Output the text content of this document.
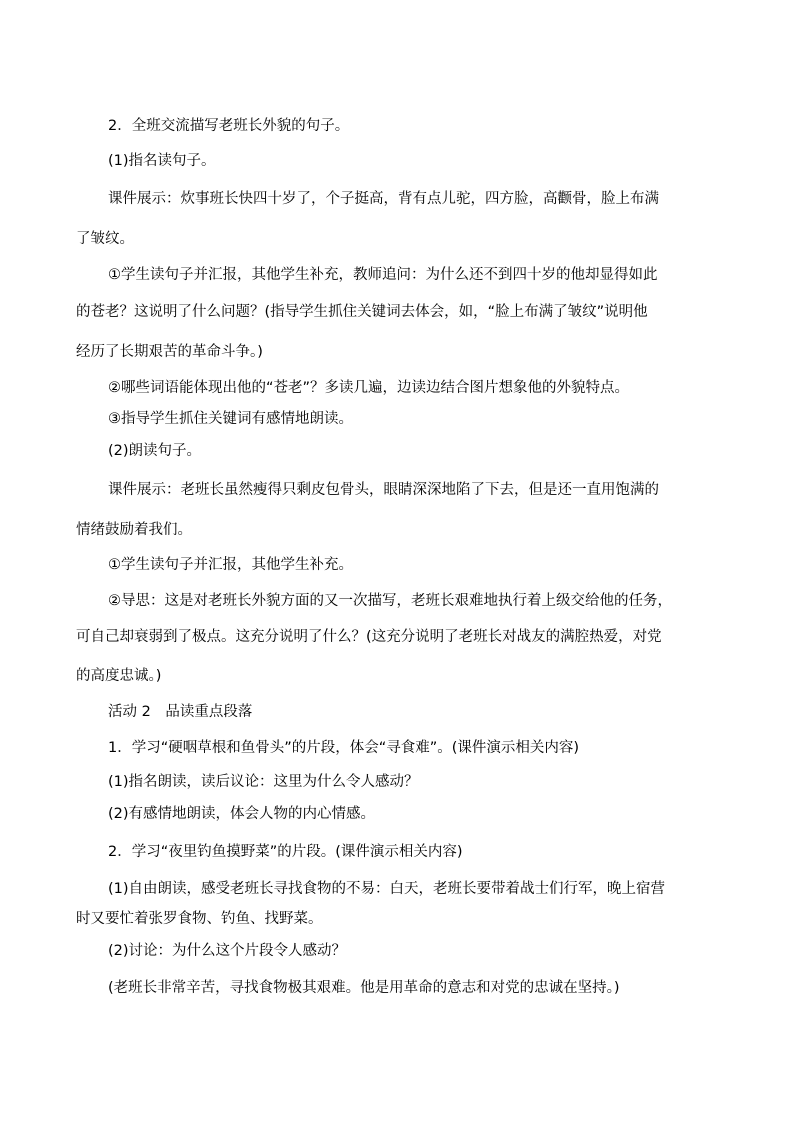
2．全班交流描写老班长外貌的句子。
(1)指名读句子。
课件展示：炊事班长快四十岁了，个子挺高，背有点儿驼，四方脸，高颧骨，脸上布满
了皱纹。
①学生读句子并汇报，其他学生补充，教师追问：为什么还不到四十岁的他却显得如此
的苍老？这说明了什么问题？(指导学生抓住关键词去体会，如，“脸上布满了皱纹”说明他
经历了长期艰苦的革命斗争。)
②哪些词语能体现出他的“苍老”？多读几遍，边读边结合图片想象他的外貌特点。
③指导学生抓住关键词有感情地朗读。
(2)朗读句子。
课件展示：老班长虽然瘦得只剩皮包骨头，眼睛深深地陷了下去，但是还一直用饱满的
情绪鼓励着我们。
①学生读句子并汇报，其他学生补充。
②导思：这是对老班长外貌方面的又一次描写，老班长艰难地执行着上级交给他的任务，
可自己却衰弱到了极点。这充分说明了什么？(这充分说明了老班长对战友的满腔热爱，对党
的高度忠诚。)
活动 2　品读重点段落
1．学习“硬咽草根和鱼骨头”的片段，体会“寻食难”。(课件演示相关内容)
(1)指名朗读，读后议论：这里为什么令人感动？
(2)有感情地朗读，体会人物的内心情感。
2．学习“夜里钓鱼摸野菜”的片段。(课件演示相关内容)
(1)自由朗读，感受老班长寻找食物的不易：白天，老班长要带着战士们行军，晚上宿营
时又要忙着张罗食物、钓鱼、找野菜。
(2)讨论：为什么这个片段令人感动？
(老班长非常辛苦，寻找食物极其艰难。他是用革命的意志和对党的忠诚在坚持。)
